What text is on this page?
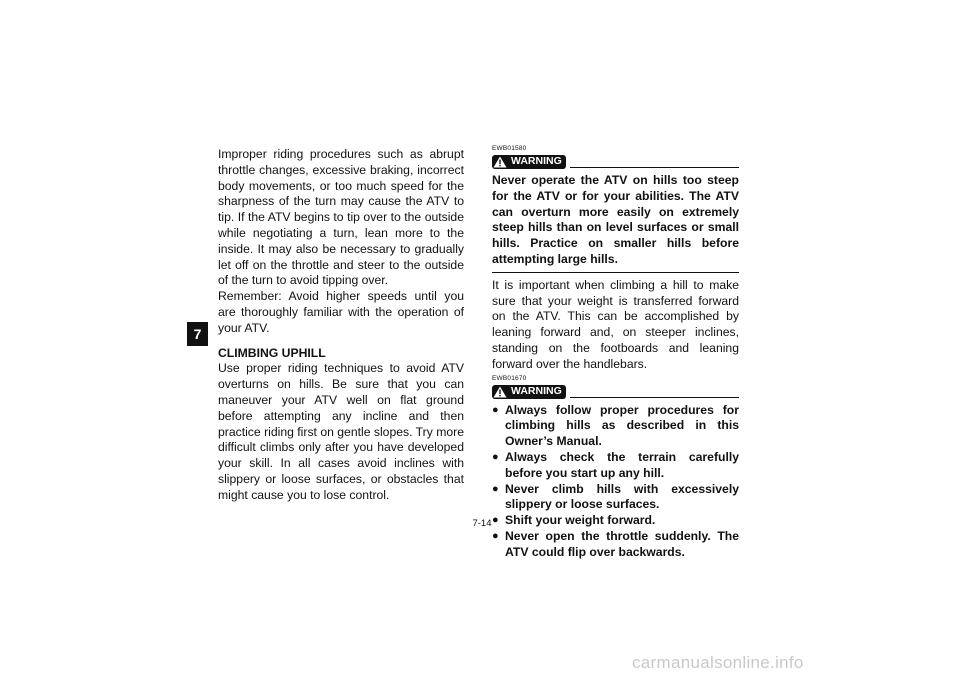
7

Improper riding procedures such as abrupt throttle changes, excessive braking, incorrect body movements, or too much speed for the sharpness of the turn may cause the ATV to tip. If the ATV begins to tip over to the outside while negotiating a turn, lean more to the inside. It may also be necessary to gradually let off on the throttle and steer to the outside of the turn to avoid tipping over.

Remember: Avoid higher speeds until you are thoroughly familiar with the operation of your ATV.

CLIMBING UPHILL

Use proper riding techniques to avoid ATV overturns on hills. Be sure that you can maneuver your ATV well on flat ground before attempting any incline and then practice riding first on gentle slopes. Try more difficult climbs only after you have developed your skill. In all cases avoid inclines with slippery or loose surfaces, or obstacles that might cause you to lose control.

EWB01580
WARNING

Never operate the ATV on hills too steep for the ATV or for your abilities. The ATV can overturn more easily on extremely steep hills than on level surfaces or small hills. Practice on smaller hills before attempting large hills.

It is important when climbing a hill to make sure that your weight is transferred forward on the ATV. This can be accomplished by leaning forward and, on steeper inclines, standing on the footboards and leaning forward over the handlebars.

EWB01670
WARNING
● Always follow proper procedures for climbing hills as described in this Owner’s Manual.
● Always check the terrain carefully before you start up any hill.
● Never climb hills with excessively slippery or loose surfaces.
● Shift your weight forward.
● Never open the throttle suddenly. The ATV could flip over backwards.
7-14
carmanualsonline.info
